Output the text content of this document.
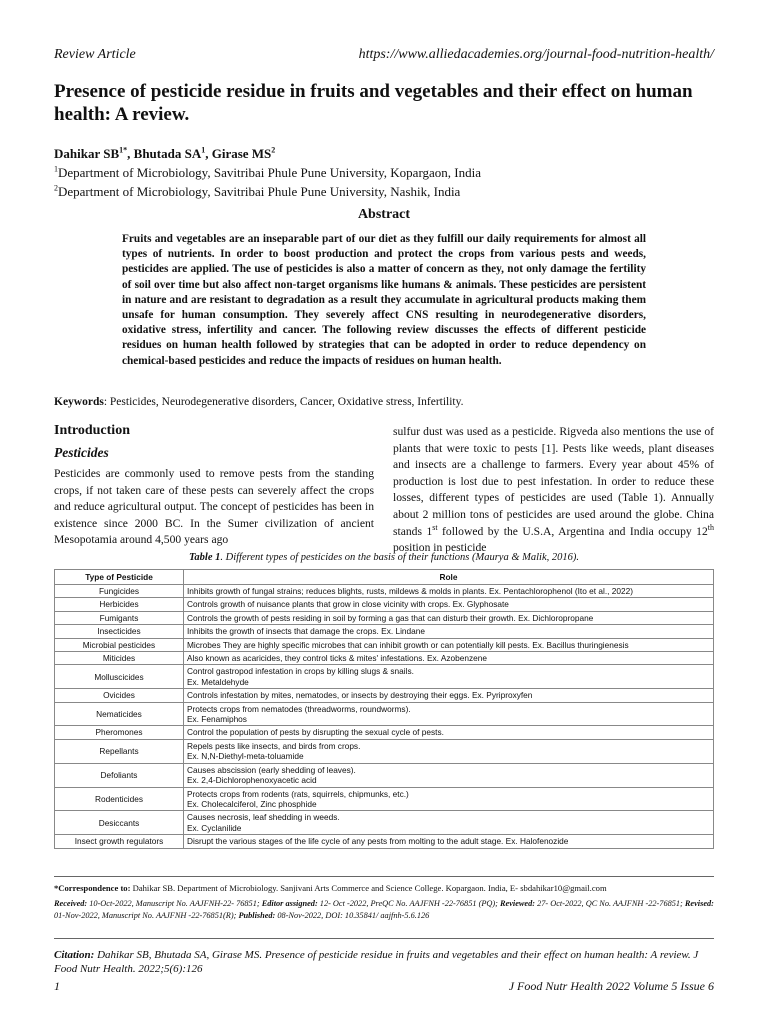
Review Article	https://www.alliedacademies.org/journal-food-nutrition-health/
Presence of pesticide residue in fruits and vegetables and their effect on human health: A review.
Dahikar $SB^{1*}$, Bhutada $SA^1$, Girase $MS^2$
$^1$Department of Microbiology, Savitribai Phule Pune University, Kopargaon, India
$^2$Department of Microbiology, Savitribai Phule Pune University, Nashik, India
Abstract
Fruits and vegetables are an inseparable part of our diet as they fulfill our daily requirements for almost all types of nutrients. In order to boost production and protect the crops from various pests and weeds, pesticides are applied. The use of pesticides is also a matter of concern as they, not only damage the fertility of soil over time but also affect non-target organisms like humans & animals. These pesticides are persistent in nature and are resistant to degradation as a result they accumulate in agricultural products making them unsafe for human consumption. They severely affect CNS resulting in neurodegenerative disorders, oxidative stress, infertility and cancer. The following review discusses the effects of different pesticide residues on human health followed by strategies that can be adopted in order to reduce dependency on chemical-based pesticides and reduce the impacts of residues on human health.
Keywords: Pesticides, Neurodegenerative disorders, Cancer, Oxidative stress, Infertility.
Introduction
Pesticides
Pesticides are commonly used to remove pests from the standing crops, if not taken care of these pests can severely affect the crops and reduce agricultural output. The concept of pesticides has been in existence since 2000 BC. In the Sumer civilization of ancient Mesopotamia around 4,500 years ago
sulfur dust was used as a pesticide. Rigveda also mentions the use of plants that were toxic to pests [1]. Pests like weeds, plant diseases and insects are a challenge to farmers. Every year about 45% of production is lost due to pest infestation. In order to reduce these losses, different types of pesticides are used (Table 1). Annually about 2 million tons of pesticides are used around the globe. China stands 1st followed by the U.S.A, Argentina and India occupy 12th position in pesticide
Table 1. Different types of pesticides on the basis of their functions (Maurya & Malik, 2016).
Type of Pesticide	Role
Fungicides	Inhibits growth of fungal strains; reduces blights, rusts, mildews & molds in plants. Ex. Pentachlorophenol (Ito et al., 2022)

Herbicides	Controls growth of nuisance plants that grow in close vicinity with crops. Ex. Glyphosate

Fumigants	Controls the growth of pests residing in soil by forming a gas that can disturb their growth. Ex. Dichloropropane

Insecticides	Inhibits the growth of insects that damage the crops. Ex. Lindane

Microbial pesticides	Microbes They are highly specific microbes that can inhibit growth or can potentially kill pests. Ex. Bacillus thuringienesis

Miticides	Also known as acaricides, they control ticks & mites' infestations. Ex. Azobenzene

Molluscicides	Control gastropod infestation in crops by killing slugs & snails.
Ex. Metaldehyde

Ovicides	Controls infestation by mites, nematodes, or insects by destroying their eggs. Ex. Pyriproxyfen

Nematicides	Protects crops from nematodes (threadworms, roundworms).
Ex. Fenamiphos

Pheromones	Control the population of pests by disrupting the sexual cycle of pests.

Repellants	Repels pests like insects, and birds from crops.
Ex. N,N-Diethyl-meta-toluamide

Defoliants	Causes abscission (early shedding of leaves).
Ex. 2,4-Dichlorophenoxyacetic acid

Rodenticides	Protects crops from rodents (rats, squirrels, chipmunks, etc.)
Ex. Cholecalciferol, Zinc phosphide

Desiccants	Causes necrosis, leaf shedding in weeds.
Ex. Cyclanilide

Insect growth regulators	Disrupt the various stages of the life cycle of any pests from molting to the adult stage. Ex. Halofenozide
*Correspondence to: Dahikar SB. Department of Microbiology. Sanjivani Arts Commerce and Science College. Kopargaon. India, E- sbdahikar10@gmail.com
Received: 10-Oct-2022, Manuscript No. AAJFNH-22- 76851; Editor assigned: 12- Oct -2022, PreQC No. AAJFNH -22-76851 (PQ); Reviewed: 27- Oct-2022, QC No. AAJFNH -22-76851; Revised: 01-Nov-2022, Manuscript No. AAJFNH -22-76851(R); Published: 08-Nov-2022, DOI: 10.35841/ aajfnh-5.6.126
Citation: Dahikar SB, Bhutada SA, Girase MS. Presence of pesticide residue in fruits and vegetables and their effect on human health: A review. J Food Nutr Health. 2022;5(6):126
1	J Food Nutr Health 2022 Volume 5 Issue 6
